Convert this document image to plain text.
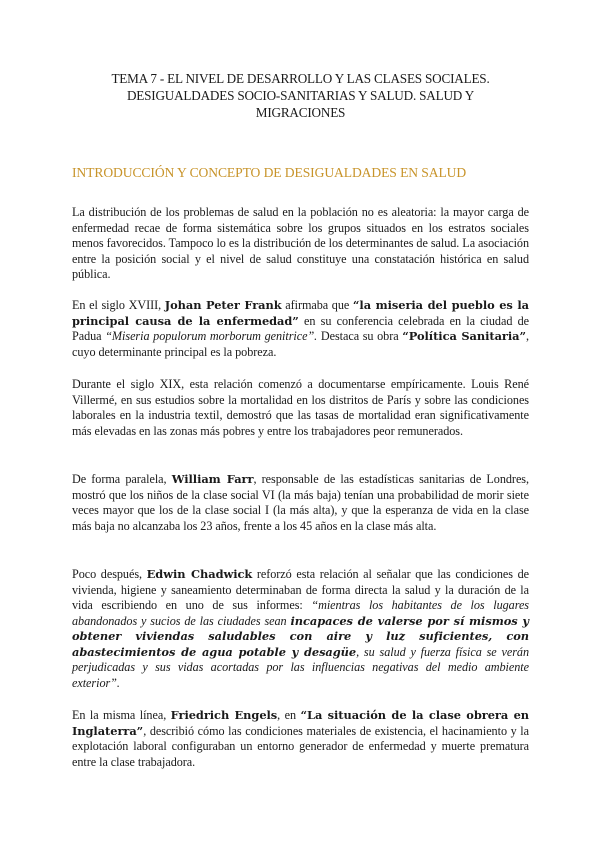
TEMA 7 - EL NIVEL DE DESARROLLO Y LAS CLASES SOCIALES.
DESIGUALDADES SOCIO-SANITARIAS Y SALUD. SALUD Y
MIGRACIONES
INTRODUCCIÓN Y CONCEPTO DE DESIGUALDADES EN SALUD

La distribución de los problemas de salud en la población no es aleatoria: la mayor carga de enfermedad recae de forma sistemática sobre los grupos situados en los estratos sociales menos favorecidos. Tampoco lo es la distribución de los determinantes de salud. La asociación entre la posición social y el nivel de salud constituye una constatación histórica en salud pública.

En el siglo XVIII, Johan Peter Frank afirmaba que “la miseria del pueblo es la principal causa de la enfermedad” en su conferencia celebrada en la ciudad de Padua “Miseria populorum morborum genitrice”. Destaca su obra “Política Sanitaria”, cuyo determinante principal es la pobreza.

Durante el siglo XIX, esta relación comenzó a documentarse empíricamente. Louis René Villermé, en sus estudios sobre la mortalidad en los distritos de París y sobre las condiciones laborales en la industria textil, demostró que las tasas de mortalidad eran significativamente más elevadas en las zonas más pobres y entre los trabajadores peor remunerados.

De forma paralela, William Farr, responsable de las estadísticas sanitarias de Londres, mostró que los niños de la clase social VI (la más baja) tenían una probabilidad de morir siete veces mayor que los de la clase social I (la más alta), y que la esperanza de vida en la clase más baja no alcanzaba los 23 años, frente a los 45 años en la clase más alta.

Poco después, Edwin Chadwick reforzó esta relación al señalar que las condiciones de vivienda, higiene y saneamiento determinaban de forma directa la salud y la duración de la vida escribiendo en uno de sus informes: “mientras los habitantes de los lugares abandonados y sucios de las ciudades sean incapaces de valerse por sí mismos y obtener viviendas saludables con aire y luz suficientes, con abastecimientos de agua potable y desagüe, su salud y fuerza física se verán perjudicadas y sus vidas acortadas por las influencias negativas del medio ambiente exterior”.

En la misma línea, Friedrich Engels, en “La situación de la clase obrera en Inglaterra”, describió cómo las condiciones materiales de existencia, el hacinamiento y la explotación laboral configuraban un entorno generador de enfermedad y muerte prematura entre la clase trabajadora.
